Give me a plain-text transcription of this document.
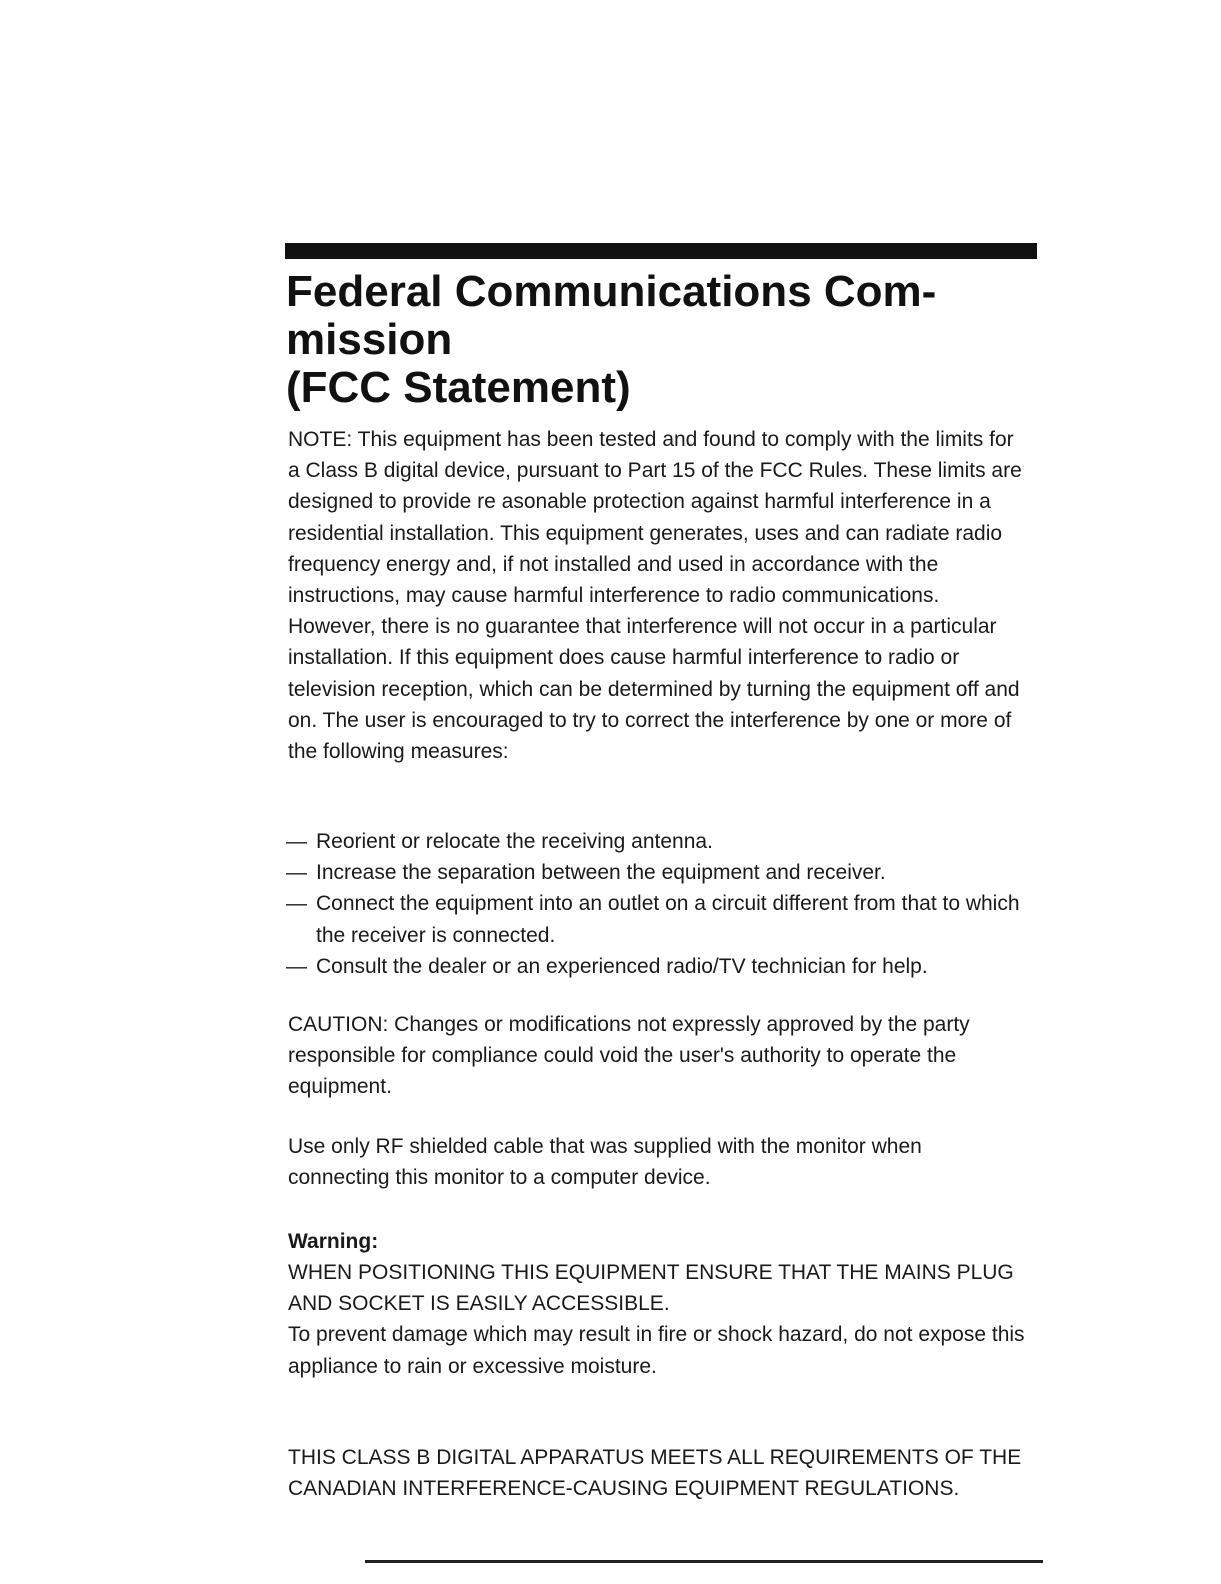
Federal Communications Com-
mission
(FCC Statement)

NOTE: This equipment has been tested and found to comply with the limits for a Class B digital device, pursuant to Part 15 of the FCC Rules. These limits are designed to provide re asonable protection against harmful interference in a residential installation. This equipment generates, uses and can radiate radio frequency energy and, if not installed and used in accordance with the instructions, may cause harmful interference to radio communications. However, there is no guarantee that interference will not occur in a particular installation. If this equipment does cause harmful interference to radio or television reception, which can be determined by turning the equipment off and on. The user is encouraged to try to correct the interference by one or more of the following measures:

— Reorient or relocate the receiving antenna.
— Increase the separation between the equipment and receiver.
— Connect the equipment into an outlet on a circuit different from that to which the receiver is connected.
— Consult the dealer or an experienced radio/TV technician for help.

CAUTION: Changes or modifications not expressly approved by the party responsible for compliance could void the user's authority to operate the equipment.

Use only RF shielded cable that was supplied with the monitor when connecting this monitor to a computer device.

Warning:

WHEN POSITIONING THIS EQUIPMENT ENSURE THAT THE MAINS PLUG AND SOCKET IS EASILY ACCESSIBLE.
To prevent damage which may result in fire or shock hazard, do not expose this appliance to rain or excessive moisture.

THIS CLASS B DIGITAL APPARATUS MEETS ALL REQUIREMENTS OF THE CANADIAN INTERFERENCE-CAUSING EQUIPMENT REGULATIONS.
